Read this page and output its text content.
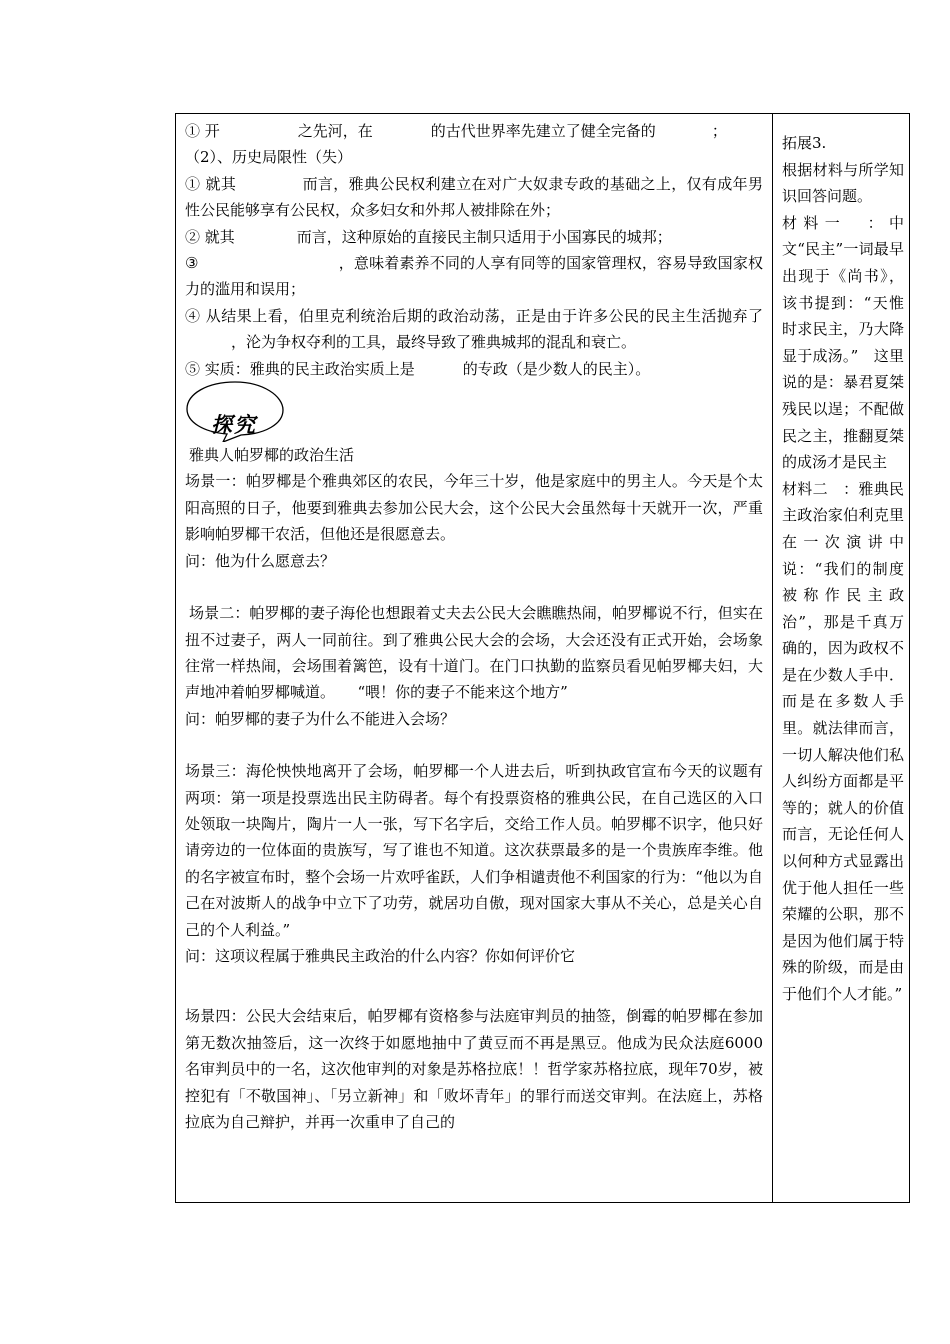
① 开	之先河，在	的古代世界率先建立了健全完备的	；

（2）、历史局限性（失）

① 就其	而言，雅典公民权利建立在对广大奴隶专政的基础之上，仅有成年男性公民能够享有公民权，众多妇女和外邦人被排除在外；

② 就其	而言，这种原始的直接民主制只适用于小国寡民的城邦；

③	，意味着素养不同的人享有同等的国家管理权，容易导致国家权力的滥用和误用；

④ 从结果上看，伯里克利统治后期的政治动荡，正是由于许多公民的民主生活抛弃了，沦为争权夺利的工具，最终导致了雅典城邦的混乱和衰亡。

⑤ 实质：雅典的民主政治实质上是	的专政（是少数人的民主）。

探究

雅典人帕罗椰的政治生活

场景一：帕罗椰是个雅典郊区的农民，今年三十岁，他是家庭中的男主人。今天是个太阳高照的日子，他要到雅典去参加公民大会，这个公民大会虽然每十天就开一次，严重影响帕罗椰干农活，但他还是很愿意去。

问：他为什么愿意去？

场景二：帕罗椰的妻子海伦也想跟着丈夫去公民大会瞧瞧热闹，帕罗椰说不行，但实在扭不过妻子，两人一同前往。到了雅典公民大会的会场，大会还没有正式开始，会场象往常一样热闹，会场围着篱笆，设有十道门。在门口执勤的监察员看见帕罗椰夫妇，大声地冲着帕罗椰喊道。　　“喂！你的妻子不能来这个地方”

问：帕罗椰的妻子为什么不能进入会场？

场景三：海伦怏怏地离开了会场，帕罗椰一个人进去后，听到执政官宣布今天的议题有两项：第一项是投票选出民主防碍者。每个有投票资格的雅典公民，在自己选区的入口处领取一块陶片，陶片一人一张，写下名字后，交给工作人员。帕罗椰不识字，他只好请旁边的一位体面的贵族写，写了谁也不知道。这次获票最多的是一个贵族库李维。他的名字被宣布时，整个会场一片欢呼雀跃，人们争相谴责他不利国家的行为：“他以为自己在对波斯人的战争中立下了功劳，就居功自傲，现对国家大事从不关心，总是关心自己的个人利益。”

问：这项议程属于雅典民主政治的什么内容？你如何评价它

场景四：公民大会结束后，帕罗椰有资格参与法庭审判员的抽签，倒霉的帕罗椰在参加第无数次抽签后，这一次终于如愿地抽中了黄豆而不再是黑豆。他成为民众法庭6000名审判员中的一名，这次他审判的对象是苏格拉底！！哲学家苏格拉底，现年70岁，被控犯有「不敬国神」、「另立新神」和「败坏青年」的罪行而送交审判。在法庭上，苏格拉底为自己辩护，并再一次重申了自己的

拓展3.

根据材料与所学知识回答问题。

材料一　：中文“民主”一词最早出现于《尚书》，该书提到：“天惟时求民主，乃大降显于成汤。”　这里说的是：暴君夏桀残民以逞；不配做民之主，推翻夏桀的成汤才是民主

材料二　：雅典民主政治家伯利克里在一次演讲中说：“我们的制度被称作民主政治”，那是千真万确的，因为政权不是在少数人手中．而是在多数人手里。就法律而言，一切人解决他们私人纠纷方面都是平等的；就人的价值而言，无论任何人以何种方式显露出优于他人担任一些荣耀的公职，那不是因为他们属于特殊的阶级，而是由于他们个人才能。”
